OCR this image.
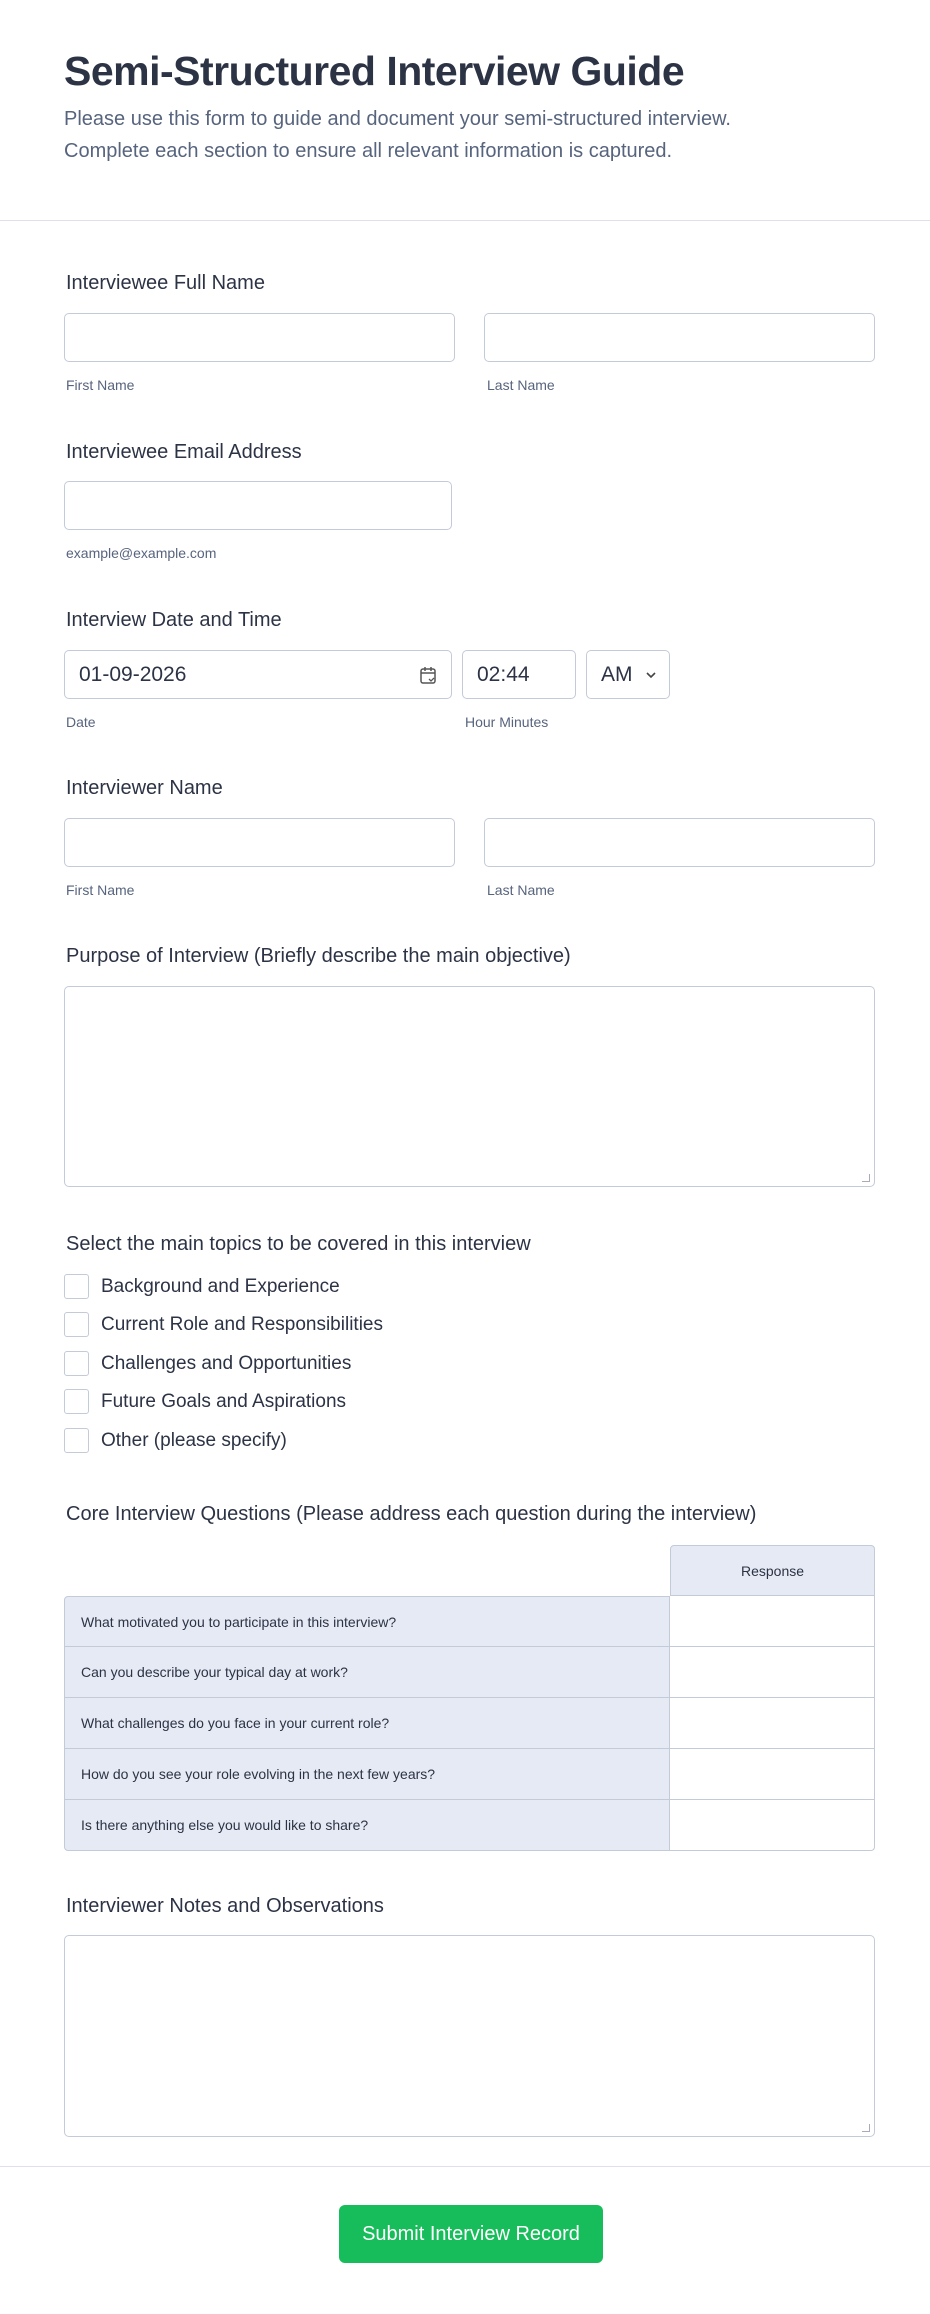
Semi-Structured Interview Guide
Please use this form to guide and document your semi-structured interview.
Complete each section to ensure all relevant information is captured.
Interviewee Full Name
First Name	Last Name
Interviewee Email Address
example@example.com
Interview Date and Time
01-09-2026	02:44	AM
Date	Hour Minutes
Interviewer Name
First Name	Last Name
Purpose of Interview (Briefly describe the main objective)
Select the main topics to be covered in this interview
Background and Experience
Current Role and Responsibilities
Challenges and Opportunities
Future Goals and Aspirations
Other (please specify)
Core Interview Questions (Please address each question during the interview)
	Response
What motivated you to participate in this interview?	
Can you describe your typical day at work?	
What challenges do you face in your current role?	
How do you see your role evolving in the next few years?	
Is there anything else you would like to share?	
Interviewer Notes and Observations
Submit Interview Record
